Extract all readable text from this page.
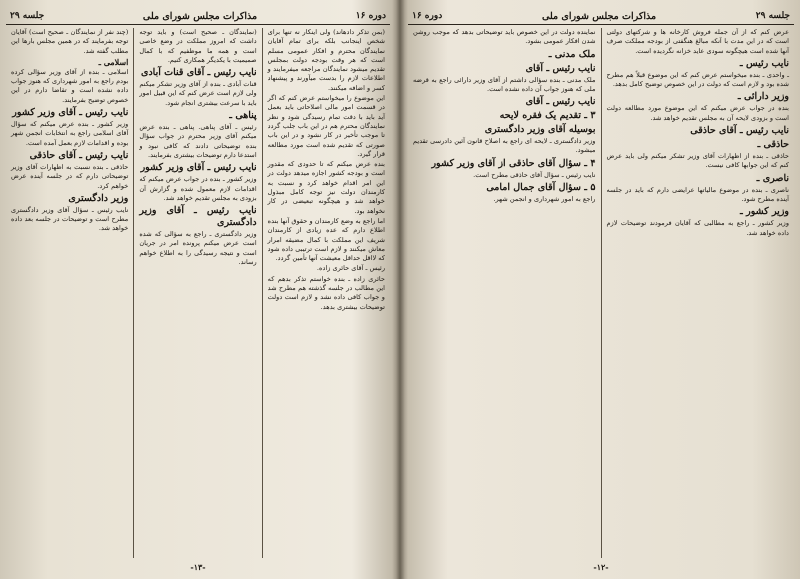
دوره ۱۶
مذاكرات مجلس شوراى ملى
جلسه ۲۹

(بمن تذکر دادهاند) ولی اینکار نه تنها برای شخص اینجانب بلکه برای تمام آقایان نمایندگان محترم و افکار عمومی مسلم است که هر وقت بودجه دولت بمجلس تقدیم میشود نمایندگان مراجعه میفرمایند و اطلاعات لازم را بدست میآورند و پیشنهاد کسر و اضافه میکنند.

این موضوع را میخواستم عرض کنم که اگر در قسمت امور مالی اصلاحاتی باید بعمل آید باید با دقت تمام رسیدگی شود و نظر نمایندگان محترم هم در این باب جلب گردد تا موجب تأخیر در کار نشود و در این باب صورتی که تقدیم شده است مورد مطالعه قرار گیرد.

بنده عرض میکنم که تا حدودی که مقدور است و بودجه کشور اجازه میدهد دولت در این امر اقدام خواهد کرد و نسبت به کارمندان دولت نیز توجه کامل مبذول خواهد شد و هیچگونه تبعیضی در کار نخواهد بود.

اما راجع به وضع کارمندان و حقوق آنها بنده اطلاع دارم که عده زیادی از کارمندان شریف این مملکت با کمال مضیقه امرار معاش میکنند و لازم است ترتیبی داده شود که لااقل حداقل معیشت آنها تأمین گردد.

رئیس ـ آقای حائری زاده.

حائری زاده ـ بنده خواستم تذکر بدهم که این مطالب در جلسه گذشته هم مطرح شد و جواب کافی داده نشد و لازم است دولت توضیحات بیشتری بدهد.

(نمایندگان ـ صحیح است) و باید توجه داشت که امروز مملکت در وضع خاصی است و همه ما موظفیم که با کمال صمیمیت با یکدیگر همکاری کنیم.

نایب رئیس ـ آقای قنات آبادی

قنات آبادی ـ بنده از آقای وزیر تشکر میکنم ولی لازم است عرض کنم که این قبیل امور باید با سرعت بیشتری انجام شود.

پناهی ـ

رئیس ـ آقای پناهی. پناهی ـ بنده عرض میکنم آقای وزیر محترم در جواب سؤال بنده توضیحاتی دادند که کافی نبود و استدعا دارم توضیحات بیشتری بفرمایند.

نایب رئیس ـ آقای وزیر کشور

وزیر کشور ـ بنده در جواب عرض میکنم که اقدامات لازم معمول شده و گزارش آن بزودی به مجلس تقدیم خواهد شد.

نایب رئیس ـ آقای وزیر دادگستری

وزیر دادگستری ـ راجع به سؤالی که شده است عرض میکنم پرونده امر در جریان است و نتیجه رسیدگی را به اطلاع خواهم رساند.

(چند نفر از نمایندگان ـ صحیح است) آقایان توجه بفرمایند که در همین مجلس بارها این مطلب گفته شد.

اسلامی ـ

اسلامی ـ بنده از آقای وزیر سؤالی کرده بودم راجع به امور شهرداری که هنوز جواب داده نشده است و تقاضا دارم در این خصوص توضیح بفرمایند.

نایب رئیس ـ آقای وزیر کشور

وزیر کشور ـ بنده عرض میکنم که سؤال آقای اسلامی راجع به انتخابات انجمن شهر بوده و اقدامات لازم بعمل آمده است.

نایب رئیس ـ آقای حاذقی

حاذقی ـ بنده نسبت به اظهارات آقای وزیر توضیحاتی دارم که در جلسه آینده عرض خواهم کرد.

وزیر دادگستری

نایب رئیس ـ سؤال آقای وزیر دادگستری مطرح است و توضیحات در جلسه بعد داده خواهد شد.

-۱۳-
جلسه ۲۹
مذاكرات مجلس شوراى ملى
دوره ۱۶

عرض کنم که از آن جمله فروش کارخانه ها و شرکتهای دولتی است که در این مدت با آنکه مبالغ هنگفتی از بودجه مملکت صرف آنها شده است هیچگونه سودی عاید خزانه نگردیده است.

نایب رئیس ـ

ـ واحدی ـ بنده میخواستم عرض کنم که این موضوع قبلاً هم مطرح شده بود و لازم است که دولت در این خصوص توضیح کامل بدهد.

وزیر دارائی ـ

بنده در جواب عرض میکنم که این موضوع مورد مطالعه دولت است و بزودی لایحه آن به مجلس تقدیم خواهد شد.

نایب رئیس ـ آقای حاذقی
حاذقی ـ

حاذقی ـ بنده از اظهارات آقای وزیر تشکر میکنم ولی باید عرض کنم که این جوابها کافی نیست.

ناصری ـ

ناصری ـ بنده در موضوع مالیاتها عرایضی دارم که باید در جلسه آینده مطرح شود.

وزیر کشور ـ

وزیر کشور ـ راجع به مطالبی که آقایان فرمودند توضیحات لازم داده خواهد شد.

نماینده دولت در این خصوص باید توضیحاتی بدهد که موجب روشن شدن افکار عمومی بشود.

ملک مدنی ـ
نایب رئیس ـ آقای

ملک مدنی ـ بنده سؤالی داشتم از آقای وزیر دارائی راجع به قرضه ملی که هنوز جواب آن داده نشده است.

نایب رئیس ـ آقای
۳ ـ تقدیم یک فقره لایحه
بوسیله آقای وزیر دادگستری

وزیر دادگستری ـ لایحه ای راجع به اصلاح قانون آئین دادرسی تقدیم میشود.

۴ ـ سؤال آقای حاذقی از آقای وزیر کشور

نایب رئیس ـ سؤال آقای حاذقی مطرح است.

۵ ـ سؤال آقای جمال امامی

راجع به امور شهرداری و انجمن شهر.

-۱۲-
